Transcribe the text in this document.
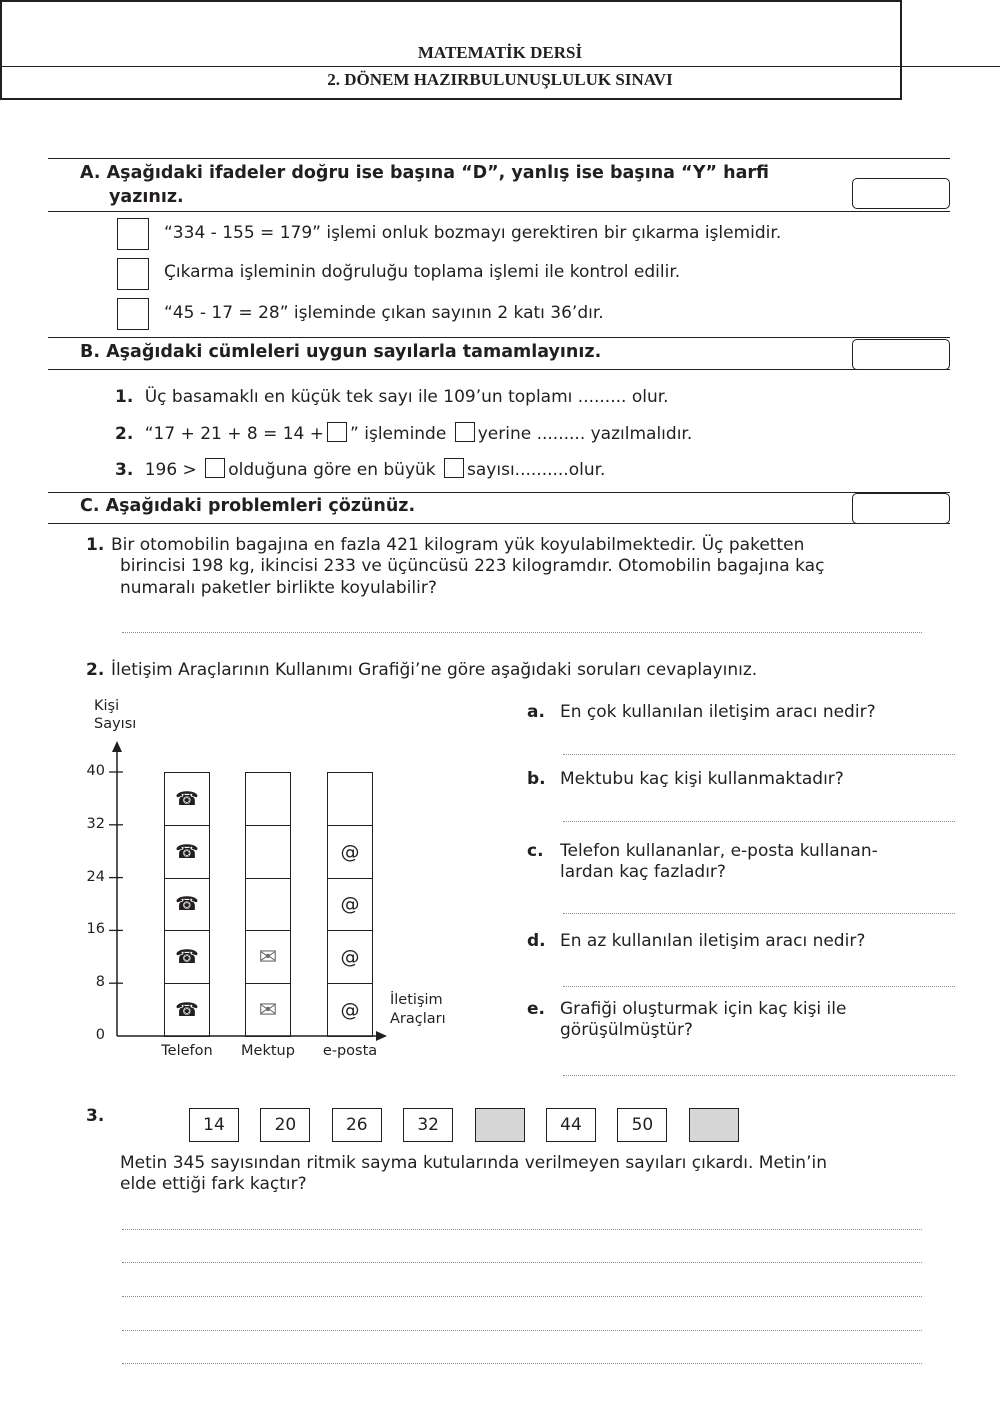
MATEMATİK DERSİ
2. DÖNEM HAZIRBULUNUŞLULUK SINAVI
A. Aşağıdaki ifadeler doğru ise başına “D”, yanlış ise başına “Y” harfi
yazınız.
“334 - 155 = 179” işlemi onluk bozmayı gerektiren bir çıkarma işlemidir.
Çıkarma işleminin doğruluğu toplama işlemi ile kontrol edilir.
“45 - 17 = 28” işleminde çıkan sayının 2 katı 36’dır.
B. Aşağıdaki cümleleri uygun sayılarla tamamlayınız.
1. Üç basamaklı en küçük tek sayı ile 109’un toplamı ......... olur.
2. “17 + 21 + 8 = 14 + ” işleminde yerine ......... yazılmalıdır.
3. 196 > olduğuna göre en büyük sayısı..........olur.
C. Aşağıdaki problemleri çözünüz.
1. Bir otomobilin bagajına en fazla 421 kilogram yük koyulabilmektedir. Üç paketten
birincisi 198 kg, ikincisi 233 ve üçüncüsü 223 kilogramdır. Otomobilin bagajına kaç
numaralı paketler birlikte koyulabilir?
2. İletişim Araçlarının Kullanımı Grafiği’ne göre aşağıdaki soruları cevaplayınız.
Kişi
Sayısı
İletişim
Araçları
0
8
16
24
32
40
☎
☎
☎
☎
☎
Telefon
✉
✉
Mektup
@
@
@
@
e-posta
a. En çok kullanılan iletişim aracı nedir?
b. Mektubu kaç kişi kullanmaktadır?
c. Telefon kullananlar, e-posta kullanan-
lardan kaç fazladır?
d. En az kullanılan iletişim aracı nedir?
e. Grafiği oluşturmak için kaç kişi ile
görüşülmüştür?
3.	14	20	26	32	44	50
Metin 345 sayısından ritmik sayma kutularında verilmeyen sayıları çıkardı. Metin’in
elde ettiği fark kaçtır?
